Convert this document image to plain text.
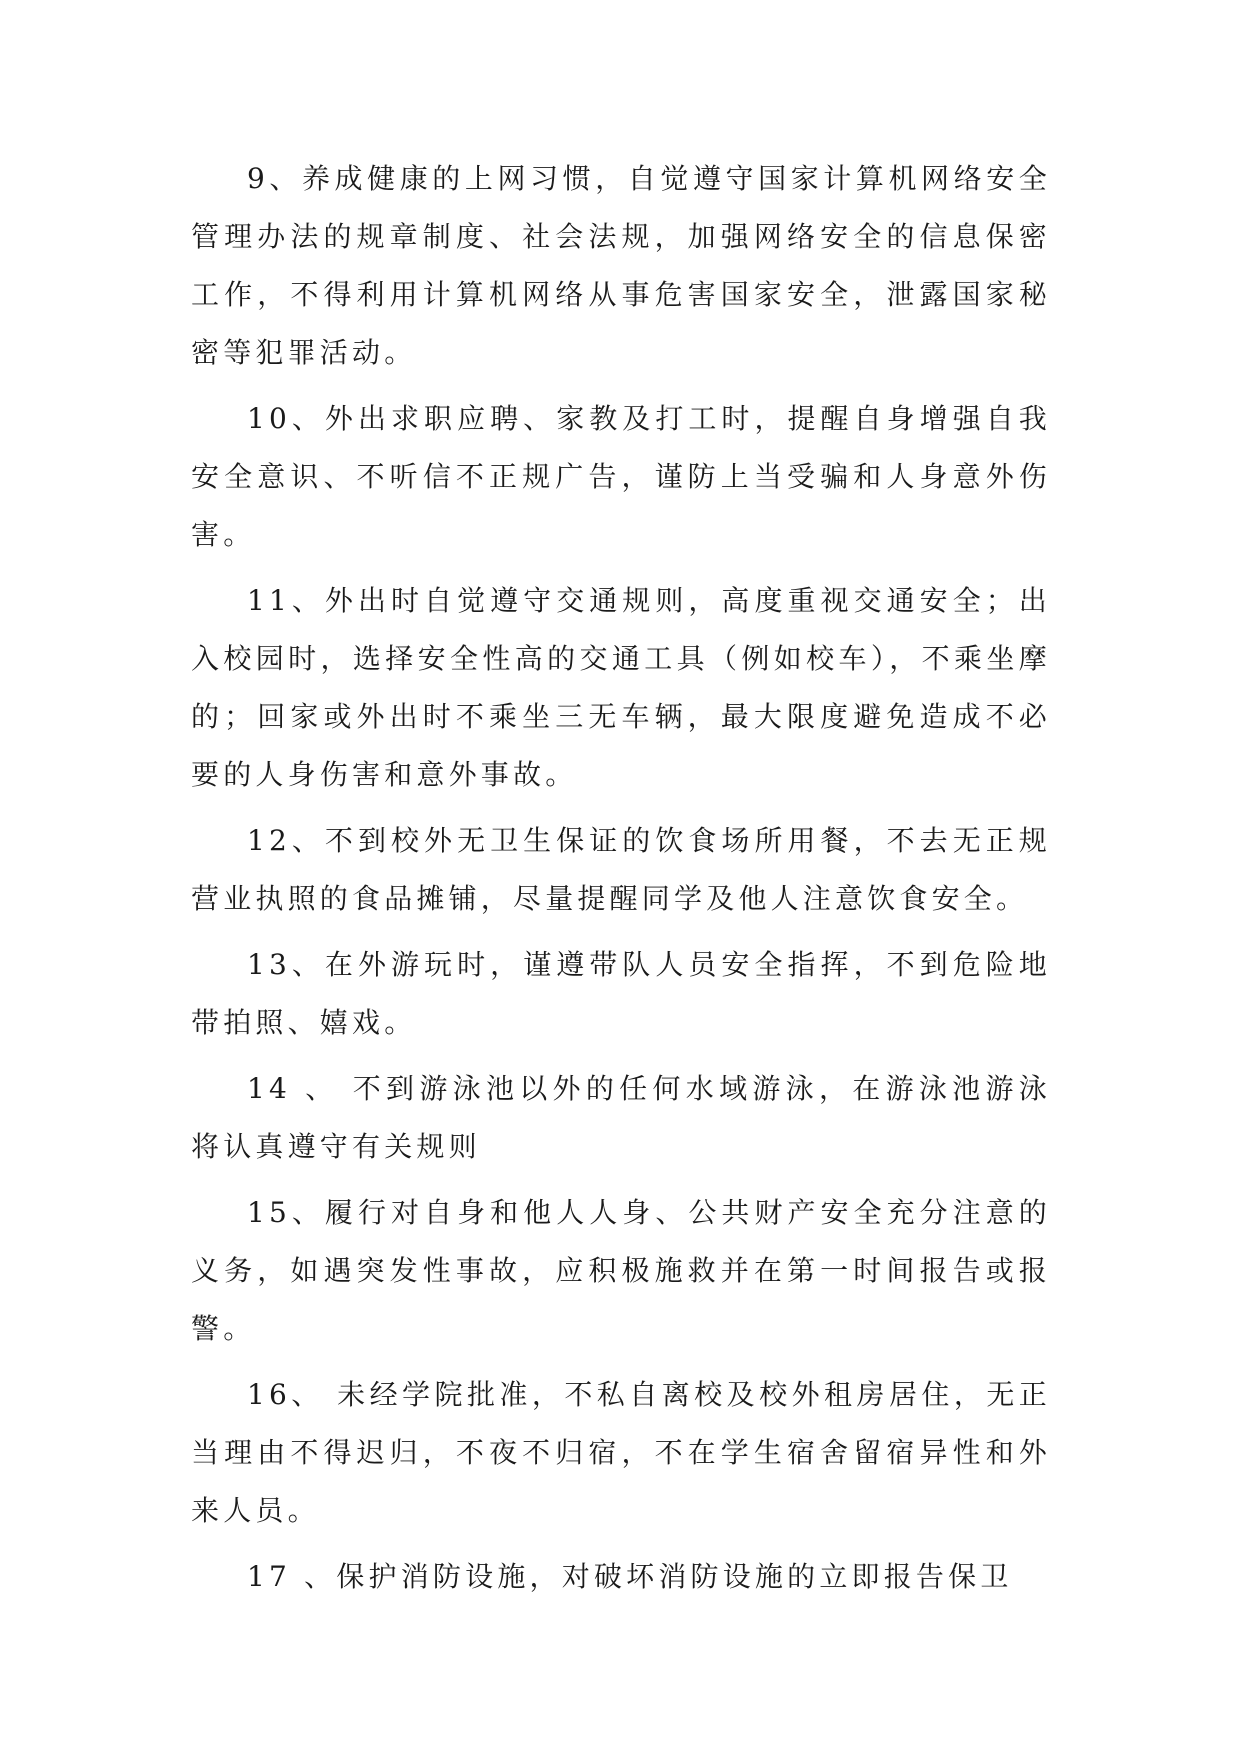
9、养成健康的上网习惯，自觉遵守国家计算机网络安全管理办法的规章制度、社会法规，加强网络安全的信息保密工作，不得利用计算机网络从事危害国家安全，泄露国家秘密等犯罪活动。

10、外出求职应聘、家教及打工时，提醒自身增强自我安全意识、不听信不正规广告，谨防上当受骗和人身意外伤害。

11、外出时自觉遵守交通规则，高度重视交通安全；出入校园时，选择安全性高的交通工具（例如校车），不乘坐摩的；回家或外出时不乘坐三无车辆，最大限度避免造成不必要的人身伤害和意外事故。

12、不到校外无卫生保证的饮食场所用餐，不去无正规营业执照的食品摊铺，尽量提醒同学及他人注意饮食安全。

13、在外游玩时，谨遵带队人员安全指挥，不到危险地带拍照、嬉戏。

14 、 不到游泳池以外的任何水域游泳，在游泳池游泳将认真遵守有关规则

15、履行对自身和他人人身、公共财产安全充分注意的义务，如遇突发性事故，应积极施救并在第一时间报告或报警。

16、 未经学院批准，不私自离校及校外租房居住，无正当理由不得迟归，不夜不归宿，不在学生宿舍留宿异性和外来人员。

17 、保护消防设施，对破坏消防设施的立即报告保卫
